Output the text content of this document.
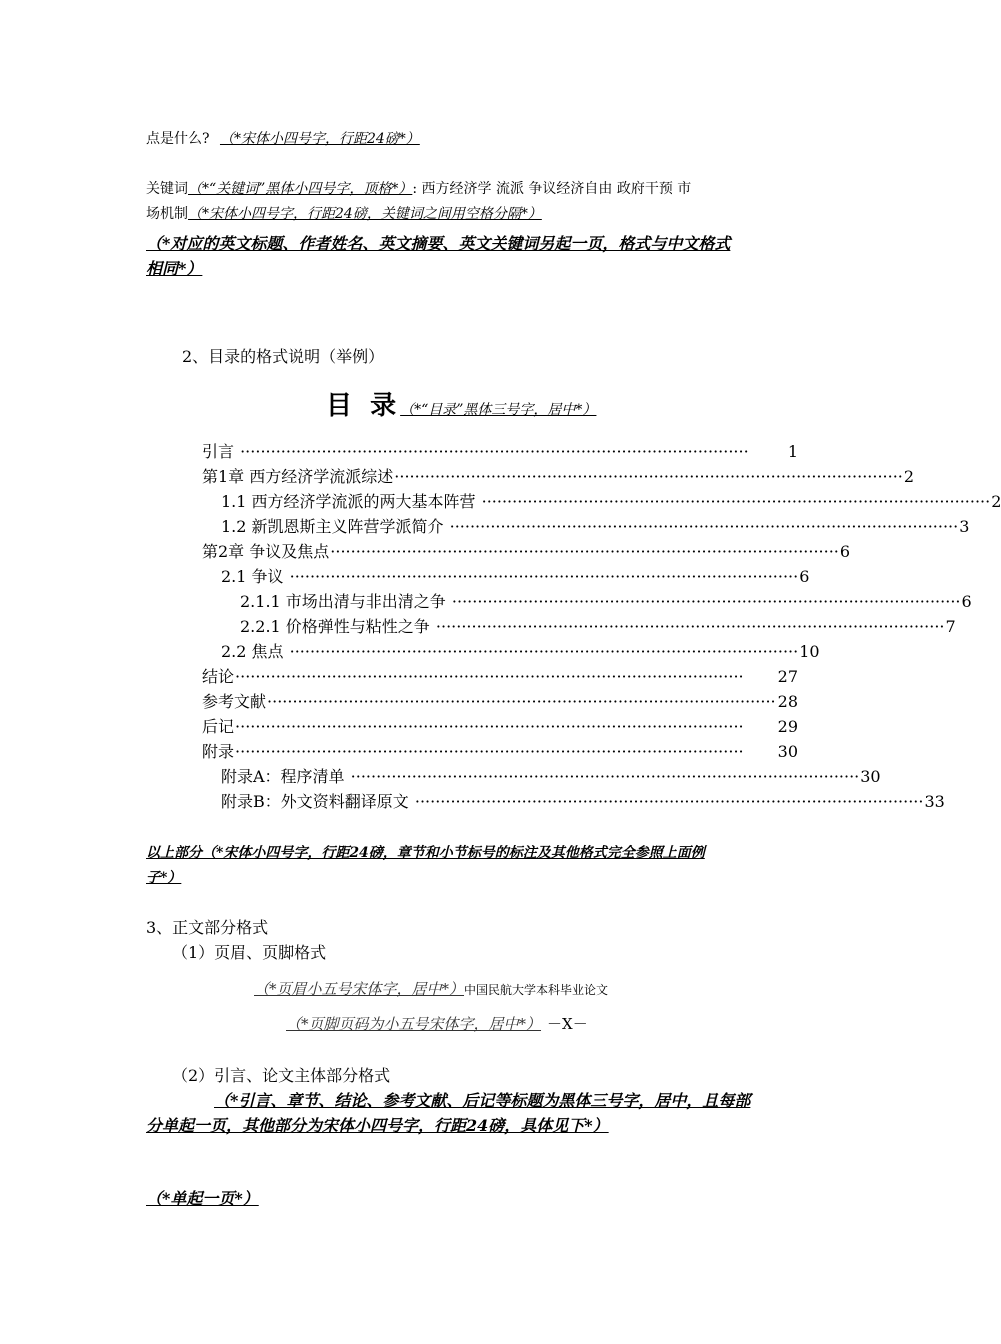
点是什么? （*宋体小四号字，行距24磅*）
关键词（*“关键词”黑体小四号字，顶格*）: 西方经济学 流派 争议经济自由 政府干预 市
场机制（*宋体小四号字，行距24磅，关键词之间用空格分隔*）
（*对应的英文标题、作者姓名、英文摘要、英文关键词另起一页，格式与中文格式
相同*）
2、目录的格式说明（举例）
目  录 （*“目录”黑体三号字，居中*）
引言 ····································································································	1
第1章 西方经济学流派综述 ···································································································· 2
1.1 西方经济学流派的两大基本阵营 ···································································································· 2
1.2 新凯恩斯主义阵营学派简介 ···································································································· 3
第2章 争议及焦点 ···································································································· 6
2.1 争议 ···································································································· 6
2.1.1 市场出清与非出清之争 ···································································································· 6
2.2.1 价格弹性与粘性之争 ···································································································· 7
2.2 焦点 ···································································································· 10
结论 ····································································································	27
参考文献 ···································································································· 28
后记 ····································································································	29
附录 ····································································································	30
附录A：程序清单 ···································································································· 30
附录B：外文资料翻译原文 ···································································································· 33
以上部分（*宋体小四号字，行距24磅，章节和小节标号的标注及其他格式完全参照上面例
子*）
3、正文部分格式
（1）页眉、页脚格式
（*页眉小五号宋体字，居中*）中国民航大学本科毕业论文
（*页脚页码为小五号宋体字，居中*） －X－
（2）引言、论文主体部分格式
（*引言、章节、结论、参考文献、后记等标题为黑体三号字，居中，且每部
分单起一页，其他部分为宋体小四号字，行距24磅，具体见下*）
（*单起一页*）
